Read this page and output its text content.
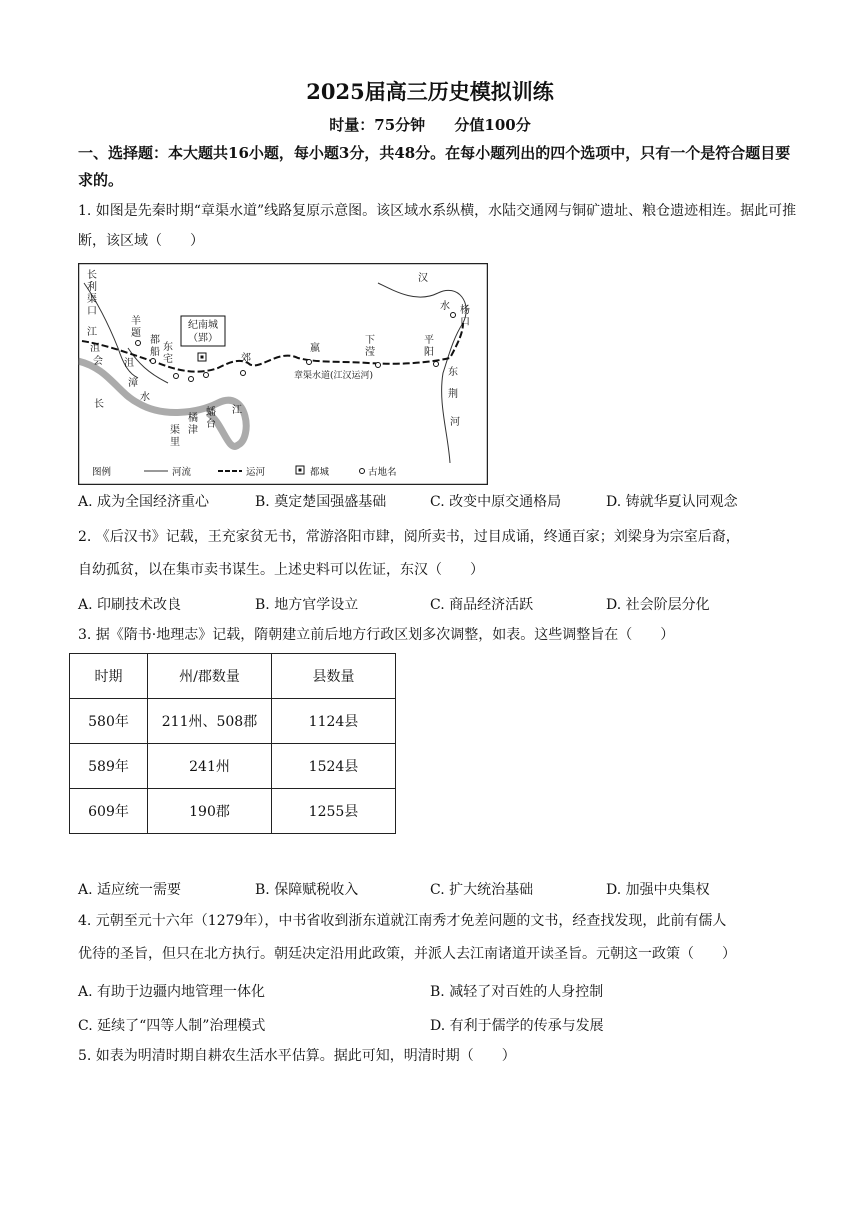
2025届高三历史模拟训练
时量：75分钟 分值100分
一、选择题：本大题共16小题，每小题3分，共48分。在每小题列出的四个选项中，只有一个是符合题目要求的。
1. 如图是先秦时期“章渠水道”线路复原示意图。该区域水系纵横，水陆交通网与铜矿遗址、粮仓遗迹相连。据此可推断，该区域（　　）
纪南城
（郢）
长
利
渠
口
江
沮
会
羊
题
都
船 东
宅
沮
漳
水
长
江
渠
里
橘
津
蟠
台
郊
嬴
下
滢
平
阳
汉
水 杨
口
东
荆
河
章渠水道(江汉运河)
图例	河流	运河	都城	古地名
A. 成为全国经济重心	B. 奠定楚国强盛基础	C. 改变中原交通格局	D. 铸就华夏认同观念
2. 《后汉书》记载，王充家贫无书，常游洛阳市肆，阅所卖书，过目成诵，终通百家；刘梁身为宗室后裔，
自幼孤贫，以在集市卖书谋生。上述史料可以佐证，东汉（　　）
A. 印刷技术改良	B. 地方官学设立	C. 商品经济活跃	D. 社会阶层分化
3. 据《隋书·地理志》记载，隋朝建立前后地方行政区划多次调整，如表。这些调整旨在（　　）
时期	州/郡数量	县数量
580年	211州、508郡	1124县
589年	241州	1524县
609年	190郡	1255县
A. 适应统一需要	B. 保障赋税收入	C. 扩大统治基础	D. 加强中央集权
4. 元朝至元十六年（1279年），中书省收到浙东道就江南秀才免差问题的文书，经查找发现，此前有儒人
优待的圣旨，但只在北方执行。朝廷决定沿用此政策，并派人去江南诸道开读圣旨。元朝这一政策（　　）
A. 有助于边疆内地管理一体化	B. 减轻了对百姓的人身控制
C. 延续了“四等人制”治理模式	D. 有利于儒学的传承与发展
5. 如表为明清时期自耕农生活水平估算。据此可知，明清时期（　　）
